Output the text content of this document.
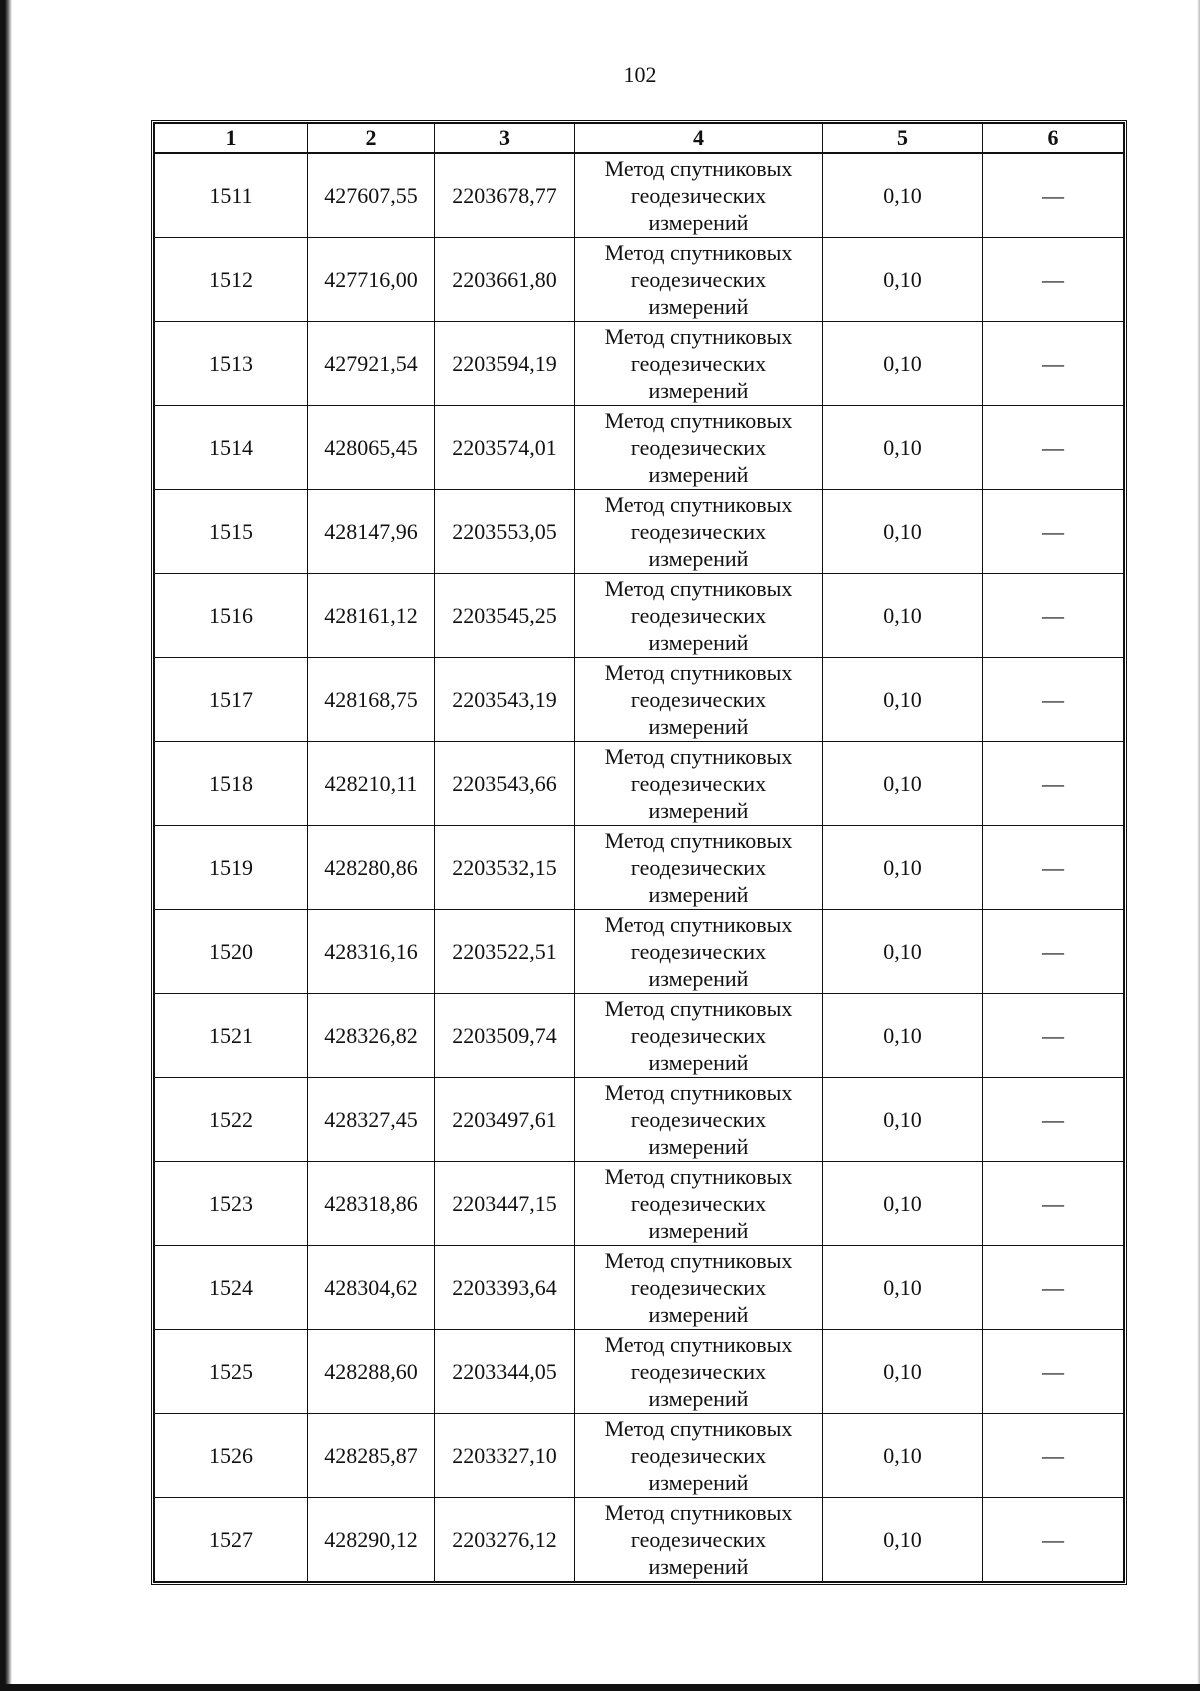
102
1	2	3	4	5	6
1511	427607,55	2203678,77	Метод спутниковых геодезических измерений	0,10	—
1512	427716,00	2203661,80	Метод спутниковых геодезических измерений	0,10	—
1513	427921,54	2203594,19	Метод спутниковых геодезических измерений	0,10	—
1514	428065,45	2203574,01	Метод спутниковых геодезических измерений	0,10	—
1515	428147,96	2203553,05	Метод спутниковых геодезических измерений	0,10	—
1516	428161,12	2203545,25	Метод спутниковых геодезических измерений	0,10	—
1517	428168,75	2203543,19	Метод спутниковых геодезических измерений	0,10	—
1518	428210,11	2203543,66	Метод спутниковых геодезических измерений	0,10	—
1519	428280,86	2203532,15	Метод спутниковых геодезических измерений	0,10	—
1520	428316,16	2203522,51	Метод спутниковых геодезических измерений	0,10	—
1521	428326,82	2203509,74	Метод спутниковых геодезических измерений	0,10	—
1522	428327,45	2203497,61	Метод спутниковых геодезических измерений	0,10	—
1523	428318,86	2203447,15	Метод спутниковых геодезических измерений	0,10	—
1524	428304,62	2203393,64	Метод спутниковых геодезических измерений	0,10	—
1525	428288,60	2203344,05	Метод спутниковых геодезических измерений	0,10	—
1526	428285,87	2203327,10	Метод спутниковых геодезических измерений	0,10	—
1527	428290,12	2203276,12	Метод спутниковых геодезических измерений	0,10	—
